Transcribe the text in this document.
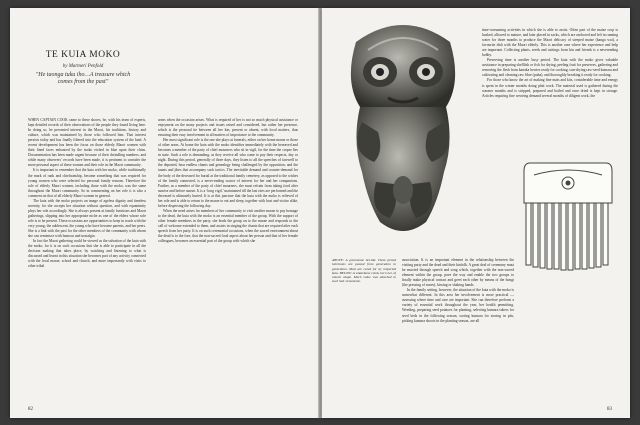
TE KUIA MOKO
by Marmeri Penfold
"He taonga tuku iho…A treasure which comes from the past"

WHEN CAPTAIN COOK came to these shores, he, with his team of experts, kept detailed records of their observations of the people they found living here. In doing so, he presented interest in the Maori, his traditions, history and culture, which was maintained by those who followed him. That interest persists today and has finally filtered into the education system of the land. A recent development has been the focus on those elderly Maori women with their lined faces enhanced by the moko etched in blue upon their chins. Documentation has been made urgent because of their dwindling numbers, and while many observers’ records have been made, it is pertinent to consider the more personal aspect of these women and their role in the Maori community.

It is important to remember that the kuia with her moko, while traditionally the mark of rank and chieftainship, became something that was required for young women who were selected for personal family reasons. Therefore the role of elderly Maori women, including those with the moko, was the same throughout the Maori community. So in commenting on her role it is also a comment on that of all elderly Maori women in general.

The kuia with the moko projects an image of ageless dignity and timeless serenity, for she accepts her situation without question, and with equanimity plays her role accordingly. She is always present at family functions and Maori gatherings, slipping into her appropriate niche as one of the elders whose sole role is to be present. These occasions are opportunities to keep in touch with the very young, the adolescent, the young who have become parents, and her peers. She is a link with the past for the other members of the community with whom she can reminisce with humour and nostalgia.

In fact the Maori gathering could be viewed as the salvation of the kuia with the moko, for it is on such occasions that she is able to participate in all the decision making that takes place, by watching and listening to what is discussed and learnt in this situation she becomes part of any activity connected with the local marae, school and church, and more importantly with visits to other tribal

areas when the occasion arises. What is required of her is not so much physical assistance or enjoyment on the many projects and issues raised and considered, but rather her presence, which is the personal tie between all her kin, present or absent, with local matters, thus ensuring their easy involvement in all matters of importance to the community.

Her most significant role is the one she plays at funerals, either on her home marae or those of other areas. At home the kuia with the moko identifies immediately with the bereaved and becomes a member of the party of chief mourners who sit in vigil, for the time the corpse lies in state. Such a role is demanding, as they receive all who come to pay their respects, day or night. During this period, generally of three days, they listen to all the speeches of farewell to the departed, hear endless chants and genealogy being challenged by the opposition, and the taunts and jibes that accompany such tactics. The inevitable demand and counter-demand for the body of the deceased for burial at the traditional family cemetery, as opposed to the wishes of the family connected, is a never-ending source of interest for her and her companions. Further, as a member of the party of chief mourners, she must refrain from taking food after sunrise and before sunset. It is a ‘long vigil,’ maintained till the last rites are performed and the deceased is ultimately buried. It is at this juncture that the kuia with the moko is relieved of her role and is able to return to the marae to eat and sleep, together with host and visitor alike, before dispersing the following day.

When the need arises for members of her community to visit another marae to pay homage to the dead, the kuia with the moko is an essential member of the group. With the support of other female members in the party, she leads the group on to the marae and responds to the call of welcome extended to them, and assists in singing the chants that are required after each speech from her party. It is on such ceremonial occasions, when the sacred environment about the dead is to the fore, that the non-sacred food aspect about her person and that of her female colleagues, becomes an essential part of the group with which she

82

time-consuming activities in which she is able to assist. Often part of the maize crop is husked, allowed to mature, and later placed in sacks, which are anchored and left in running water for three months to produce the Maori delicacy of steeped maize (kanga wai), a favourite dish with the Maori elderly. This is another area where her experience and help are important. Collecting plants, seeds and cuttings from kin and friends is a neverending hobby.

Preserving time is another busy period. The kuia with the moko gives valuable assistance in preparing shellfish or fish for drying, peeling fruit for preserves, gathering and removing the flesh from kanaka berries ready for cooking, sun-drying raw-seed kumara and cultivating and cleaning raw fibre (puha), and thoroughly breaking it ready for cooking.

For those who know the art of making fine mats and kits, considerable time and energy is spent in the winter months doing plait work. The material used is gathered during the warmer months and is stripped, prepared and boiled and once dried is kept in storage. Articles requiring fine weaving demand several months of diligent work, the

ABOVE: A greenstone hei-tiki. These prized heirlooms are passed from generation to generation. Most are cared for by respected kuia. BELOW: A whalebone comb, heru iwi, of classic shape. Much value was attached to such hair ornaments.

association. It is an important element in the relationship between the visiting party and the dead and their kinfolk. A great deal of ceremony must be enacted through speech and song which, together with the non-sacred element within the group, pave the way and enable the two groups to finally make physical contact and greet each other by means of the hongi (the pressing of noses), kissing or shaking hands.

In the family setting, however, the situation of the kuia with the moko is somewhat different. In this area her involvement is more practical — assessing where time and care are important. She can therefore perform a variety of essential work throughout the year, her health permitting. Weeding, preparing seed potatoes for planting, selecting kumara tubers for seed beds in the following season, sorting kumara for storing in pits, picking kumara shoots in the planting season, are all

83
